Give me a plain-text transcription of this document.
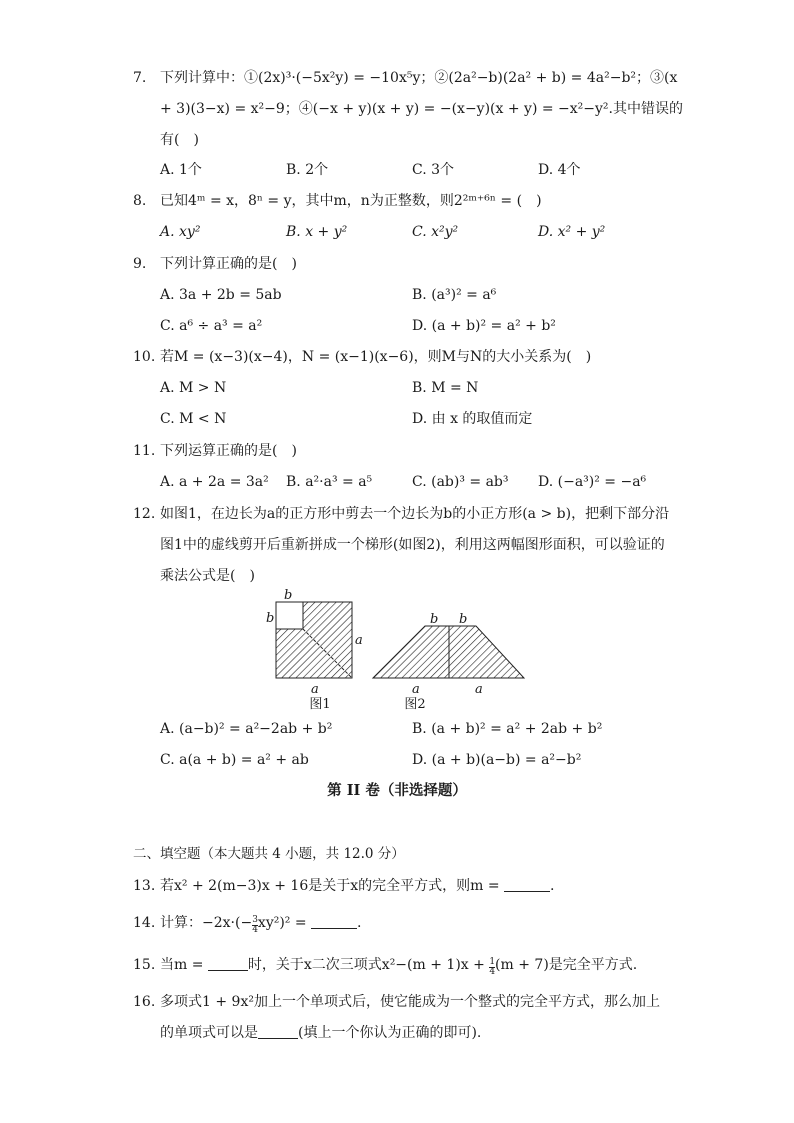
7. 下列计算中：①(2x)³·(−5x²y) = −10x⁵y；②(2a²−b)(2a² + b) = 4a²−b²；③(x
+ 3)(3−x) = x²−9；④(−x + y)(x + y) = −(x−y)(x + y) = −x²−y².其中错误的
有(　)
A. 1个	B. 2个	C. 3个	D. 4个
8. 已知4ᵐ = x，8ⁿ = y，其中m，n为正整数，则2²ᵐ⁺⁶ⁿ = (　)
A. xy²	B. x + y²	C. x²y²	D. x² + y²
9. 下列计算正确的是(　)
A. 3a + 2b = 5ab	B. (a³)² = a⁶
C. a⁶ ÷ a³ = a²	D. (a + b)² = a² + b²
10. 若M = (x−3)(x−4)，N = (x−1)(x−6)，则M与N的大小关系为(　)
A. M > N	B. M = N
C. M < N	D. 由 x 的取值而定
11. 下列运算正确的是(　)
A. a + 2a = 3a² B. a²·a³ = a⁵	C. (ab)³ = ab³ D. (−a³)² = −a⁶
12. 如图1，在边长为a的正方形中剪去一个边长为b的小正方形(a > b)，把剩下部分沿
图1中的虚线剪开后重新拼成一个梯形(如图2)，利用这两幅图形面积，可以验证的
乘法公式是(　)
b
b
a
a
b b
a	a
图1	图2
A. (a−b)² = a²−2ab + b²	B. (a + b)² = a² + 2ab + b²
C. a(a + b) = a² + ab	D. (a + b)(a−b) = a²−b²
第 II 卷（非选择题）
二、填空题（本大题共 4 小题，共 12.0 分）
13. 若x² + 2(m−3)x + 16是关于x的完全平方式，则m =	.
14. 计算：$-2x\cdot(- \frac{3}{4} xy^2)^2$ =	.
15. 当m =	时，关于x二次三项式$x^2-(m + 1)x + \frac{1}{4} (m + 7)$是完全平方式.
16. 多项式1 + 9x²加上一个单项式后，使它能成为一个整式的完全平方式，那么加上
的单项式可以是	(填上一个你认为正确的即可).
